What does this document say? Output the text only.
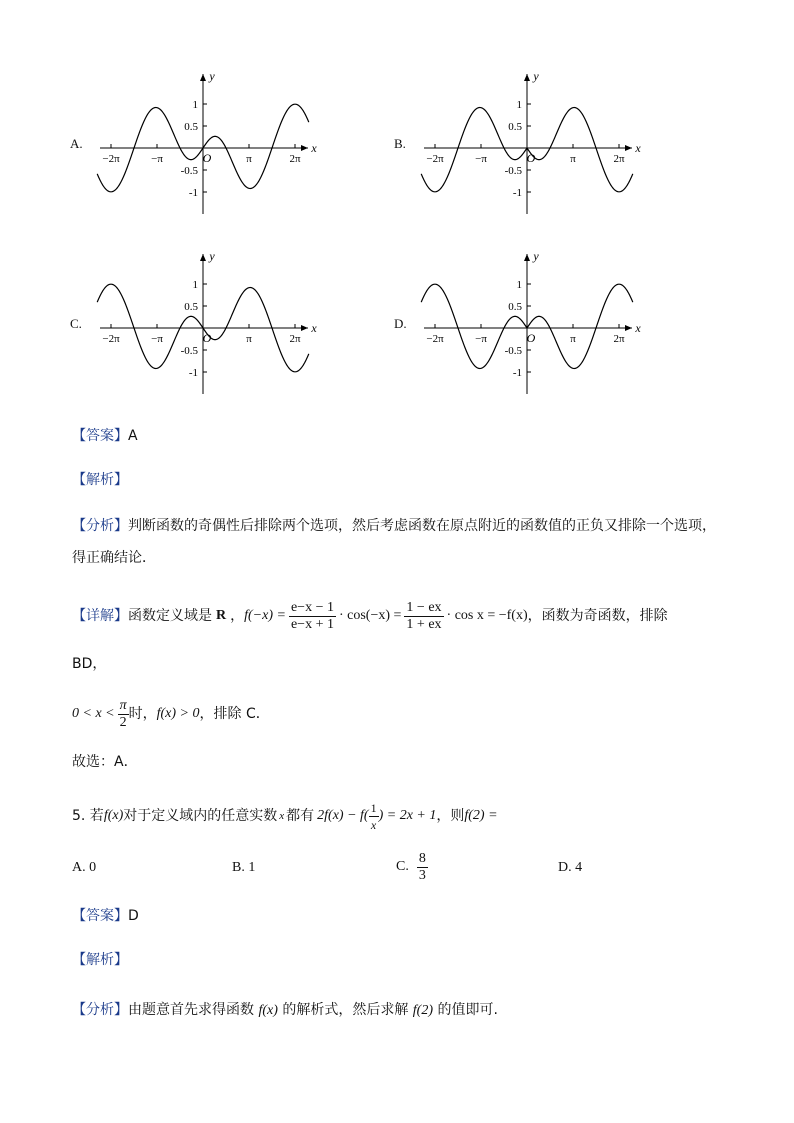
A.	x
y
O
1
0.5
-0.5
-1
−2π	−π	π	2π
B.	x
y
O
1
0.5
-0.5
-1
−2π	−π	π	2π
C.	x
y
O
1
0.5
-0.5
-1
−2π	−π	π	2π
D.	x
y
O
1
0.5
-0.5
-1
−2π	−π	π	2π
【答案】A
【解析】
【分析】判断函数的奇偶性后排除两个选项，然后考虑函数在原点附近的函数值的正负又排除一个选项，
得正确结论．
【详解】 函数定义域是 R ， $f(-x) = \frac{e-x - 1}{e-x + 1} \cdot \cos(-x) = \frac{1 - ex}{1 + ex} \cdot \cos x = -f(x)$ ，函数为奇函数，排除
BD，
$0 < x < \frac{\pi}{2}$ 时， f(x) > 0 ，排除 C．
故选：A．
5. 若 f(x) 对于定义域内的任意实数 x 都有 $2f(x) - f( \frac{1}{x}$ ) = 2x + 1 ，则 f(2) =
A. 0	B. 1	C. $\frac{8}{3}$	D. 4
【答案】D
【解析】
【分析】由题意首先求得函数 f(x) 的解析式，然后求解 f(2) 的值即可.
